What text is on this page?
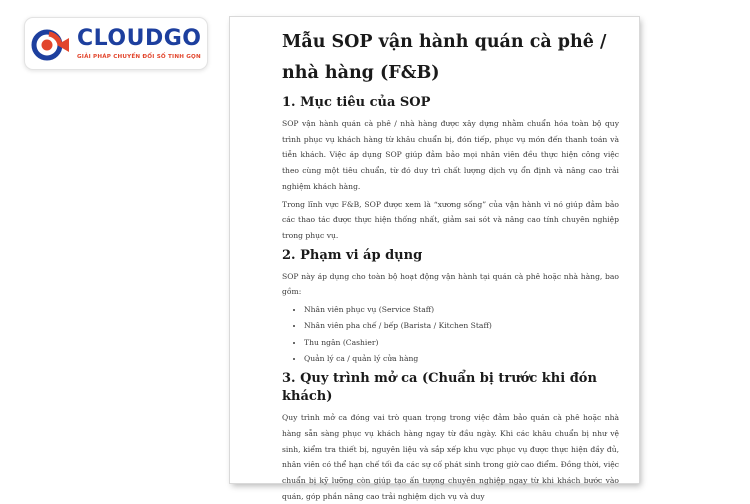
CLOUDGO
GIẢI PHÁP CHUYỂN ĐỔI SỐ TINH GỌN
Mẫu SOP vận hành quán cà phê / nhà hàng (F&B)
1. Mục tiêu của SOP
SOP vận hành quán cà phê / nhà hàng được xây dựng nhằm chuẩn hóa toàn bộ quy trình phục vụ khách hàng từ khâu chuẩn bị, đón tiếp, phục vụ món đến thanh toán và tiễn khách. Việc áp dụng SOP giúp đảm bảo mọi nhân viên đều thực hiện công việc theo cùng một tiêu chuẩn, từ đó duy trì chất lượng dịch vụ ổn định và nâng cao trải nghiệm khách hàng.
Trong lĩnh vực F&B, SOP được xem là “xương sống” của vận hành vì nó giúp đảm bảo các thao tác được thực hiện thống nhất, giảm sai sót và nâng cao tính chuyên nghiệp trong phục vụ.
2. Phạm vi áp dụng
SOP này áp dụng cho toàn bộ hoạt động vận hành tại quán cà phê hoặc nhà hàng, bao gồm:
• Nhân viên phục vụ (Service Staff)
• Nhân viên pha chế / bếp (Barista / Kitchen Staff)
• Thu ngân (Cashier)
• Quản lý ca / quản lý cửa hàng
3. Quy trình mở ca (Chuẩn bị trước khi đón khách)
Quy trình mở ca đóng vai trò quan trọng trong việc đảm bảo quán cà phê hoặc nhà hàng sẵn sàng phục vụ khách hàng ngay từ đầu ngày. Khi các khâu chuẩn bị như vệ sinh, kiểm tra thiết bị, nguyên liệu và sắp xếp khu vực phục vụ được thực hiện đầy đủ, nhân viên có thể hạn chế tối đa các sự cố phát sinh trong giờ cao điểm. Đồng thời, việc chuẩn bị kỹ lưỡng còn giúp tạo ấn tượng chuyên nghiệp ngay từ khi khách bước vào quán, góp phần nâng cao trải nghiệm dịch vụ và duy
